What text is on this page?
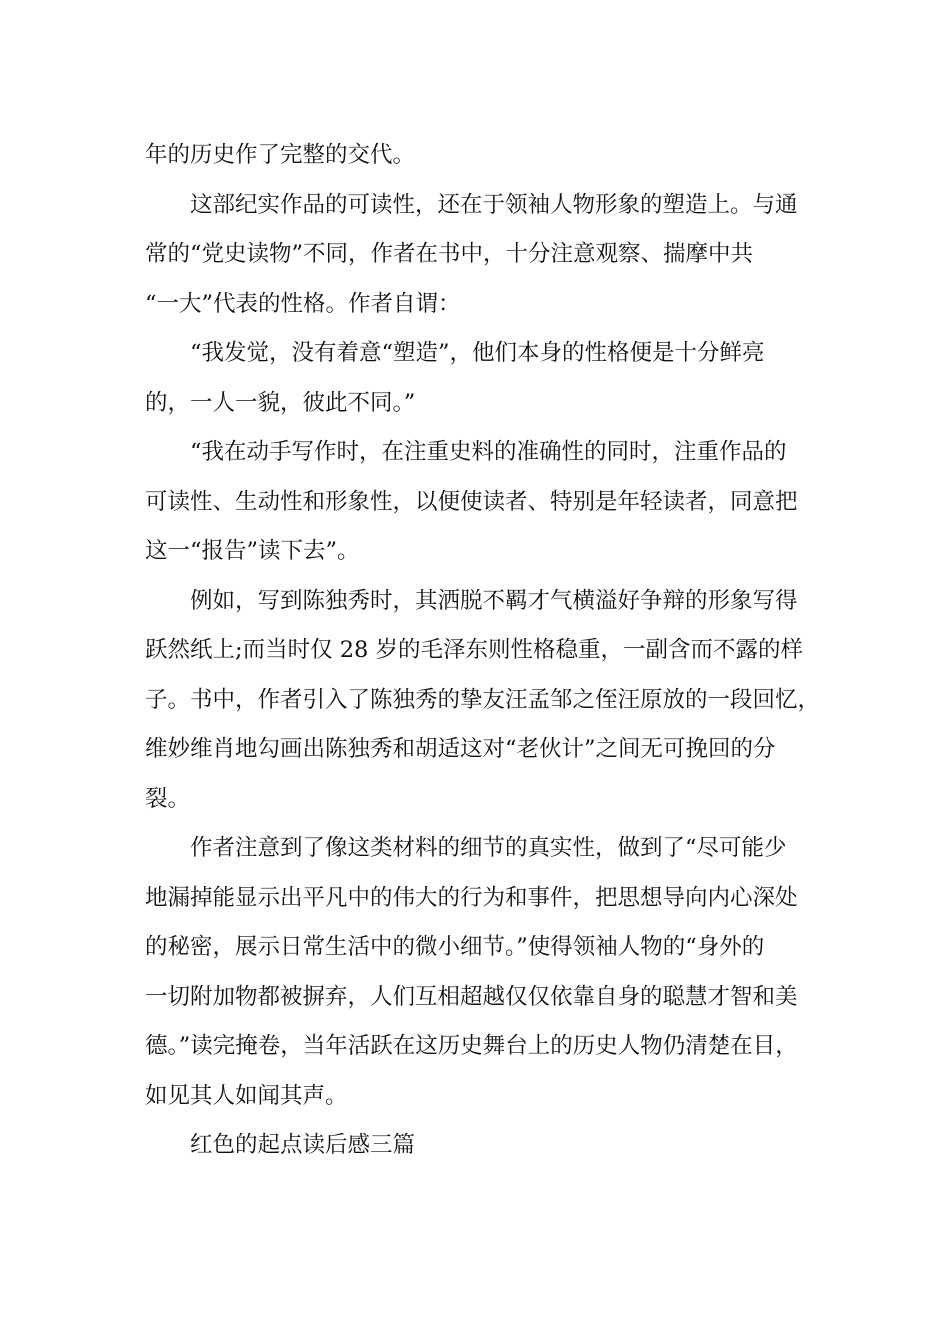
年的历史作了完整的交代。
这部纪实作品的可读性，还在于领袖人物形象的塑造上。与通
常的“党史读物”不同，作者在书中，十分注意观察、揣摩中共
“一大”代表的性格。作者自谓：
“我发觉，没有着意“塑造”，他们本身的性格便是十分鲜亮
的，一人一貌，彼此不同。”
“我在动手写作时，在注重史料的准确性的同时，注重作品的
可读性、生动性和形象性，以便使读者、特别是年轻读者，同意把
这一“报告”读下去”。
例如，写到陈独秀时，其洒脱不羁才气横溢好争辩的形象写得
跃然纸上;而当时仅 28 岁的毛泽东则性格稳重，一副含而不露的样
子。书中，作者引入了陈独秀的挚友汪孟邹之侄汪原放的一段回忆，
维妙维肖地勾画出陈独秀和胡适这对“老伙计”之间无可挽回的分
裂。
作者注意到了像这类材料的细节的真实性，做到了“尽可能少
地漏掉能显示出平凡中的伟大的行为和事件，把思想导向内心深处
的秘密，展示日常生活中的微小细节。”使得领袖人物的“身外的
一切附加物都被摒弃，人们互相超越仅仅依靠自身的聪慧才智和美
德。”读完掩卷，当年活跃在这历史舞台上的历史人物仍清楚在目，
如见其人如闻其声。
红色的起点读后感三篇
